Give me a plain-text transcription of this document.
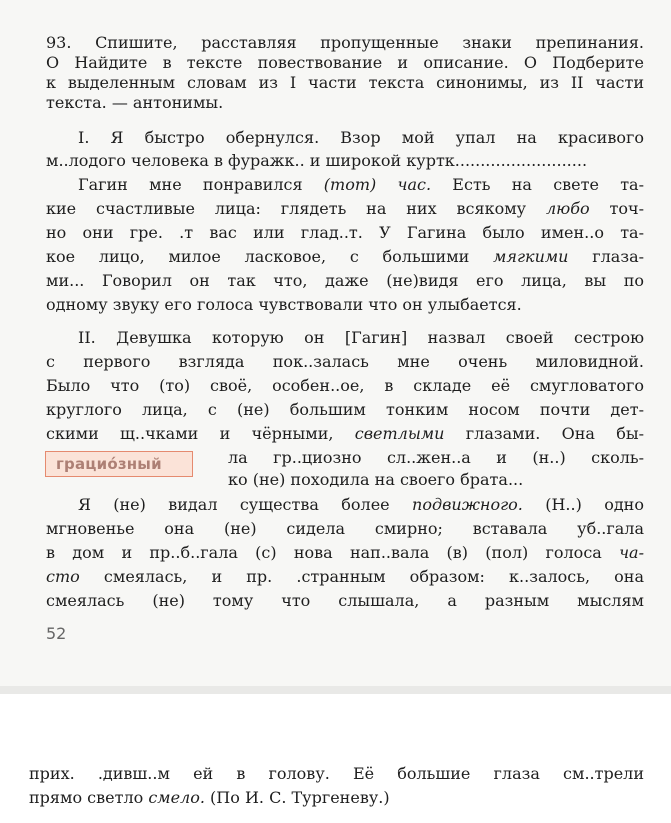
93. Спишите, расставляя пропущенные знаки препинания.
О Найдите в тексте повествование и описание. О Подберите
к выделенным словам из I части текста синонимы, из II части
текста. — антонимы.
I. Я быстро обернулся. Взор мой упал на красивого
м..лодого человека в фуражк.. и широкой куртк..........................
Гагин мне понравился (тот) час. Есть на свете та-
кие счастливые лица: глядеть на них всякому любо точ-
но они гре. .т вас или глад..т. У Гагина было имен..о та-
кое лицо, милое ласковое, с большими мягкими глаза-
ми... Говорил он так что, даже (не)видя его лица, вы по
одному звуку его голоса чувствовали что он улыбается.
II. Девушка которую он [Гагин] назвал своей сестрою
с первого взгляда пок..залась мне очень миловидной.
Было что (то) своё, особен..ое, в складе её смугловатого
круглого лица, с (не) большим тонким носом почти дет-
скими щ..чками и чёрными, светлыми глазами. Она бы-
грацио́зный	ла гр..циозно сл..жен..а и (н..) сколь-
ко (не) походила на своего брата...
Я (не) видал существа более подвижного. (Н..) одно
мгновенье она (не) сидела смирно; вставала уб..гала
в дом и пр..б..гала (с) нова нап..вала (в) (пол) голоса ча-
сто смеялась, и пр. .странным образом: к..залось, она
смеялась (не) тому что слышала, а разным мыслям
52
прих. .дивш..м ей в голову. Её большие глаза см..трели
прямо светло смело. (По И. С. Тургеневу.)
